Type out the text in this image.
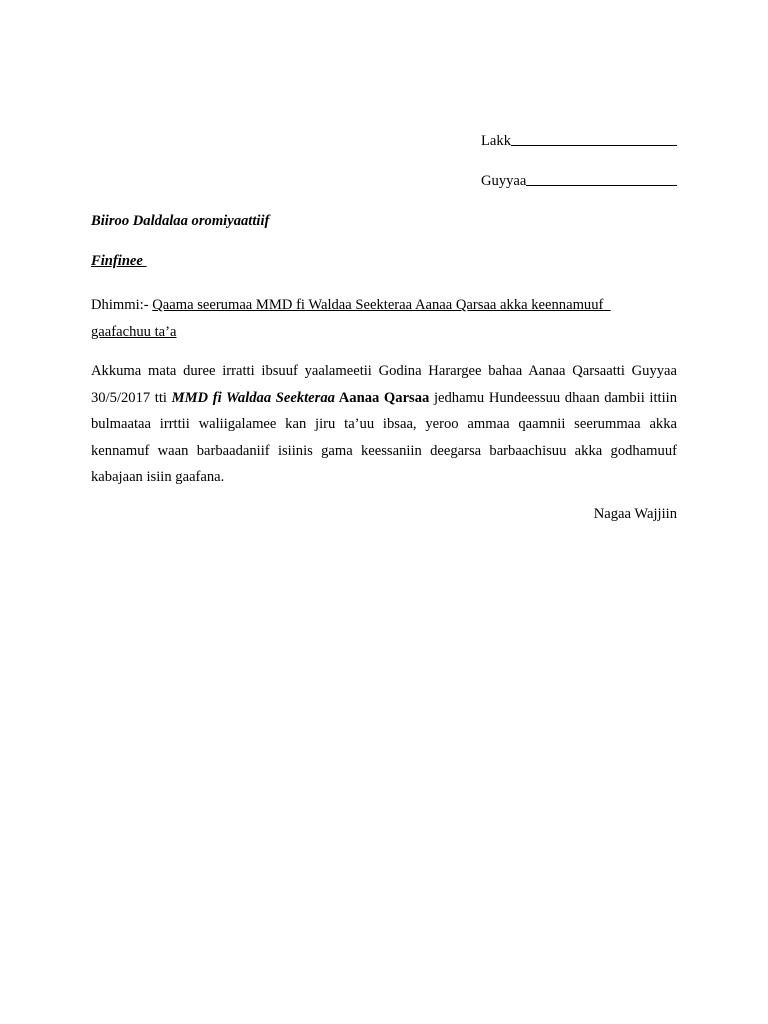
Lakk
Guyyaa
Biiroo Daldalaa oromiyaattiif
Finfinee
Dhimmi:- Qaama seerumaa MMD fi Waldaa Seekteraa Aanaa Qarsaa akka keennamuuf  gaafachuu ta’a
Akkuma mata duree irratti ibsuuf yaalameetii Godina Harargee bahaa Aanaa Qarsaatti Guyyaa 30/5/2017 tti MMD fi Waldaa Seekteraa Aanaa Qarsaa jedhamu Hundeessuu dhaan dambii ittiin bulmaataa irrttii waliigalamee kan jiru ta’uu ibsaa, yeroo ammaa qaamnii seerummaa akka kennamuf waan barbaadaniif isiinis gama keessaniin deegarsa barbaachisuu akka godhamuuf kabajaan isiin gaafana.
Nagaa Wajjiin
